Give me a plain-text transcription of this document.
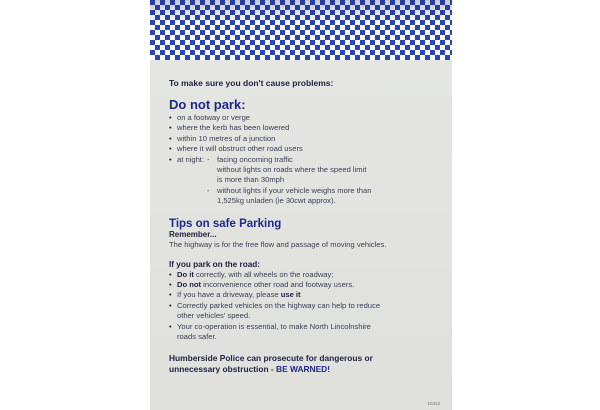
To make sure you don't cause problems:

Do not park:
• on a footway or verge
• where the kerb has been lowered
• within 10 metres of a junction
• where it will obstruct other road users
• at night: - facing oncoming traffic
without lights on roads where the speed limit
is more than 30mph
- without lights if your vehicle weighs more than
1,525kg unladen (ie 30cwt approx).
Tips on safe Parking

Remember...

The highway is for the free flow and passage of moving vehicles.

If you park on the road:
• Do it correctly, with all wheels on the roadway;
• Do not inconvenience other road and footway users.
• If you have a driveway, please use it
• Correctly parked vehicles on the highway can help to reduce
other vehicles' speed.
• Your co-operation is essential, to make North Lincolnshire
roads safer.

Humberside Police can prosecute for dangerous or
unnecessary obstruction - BE WARNED!

10412
